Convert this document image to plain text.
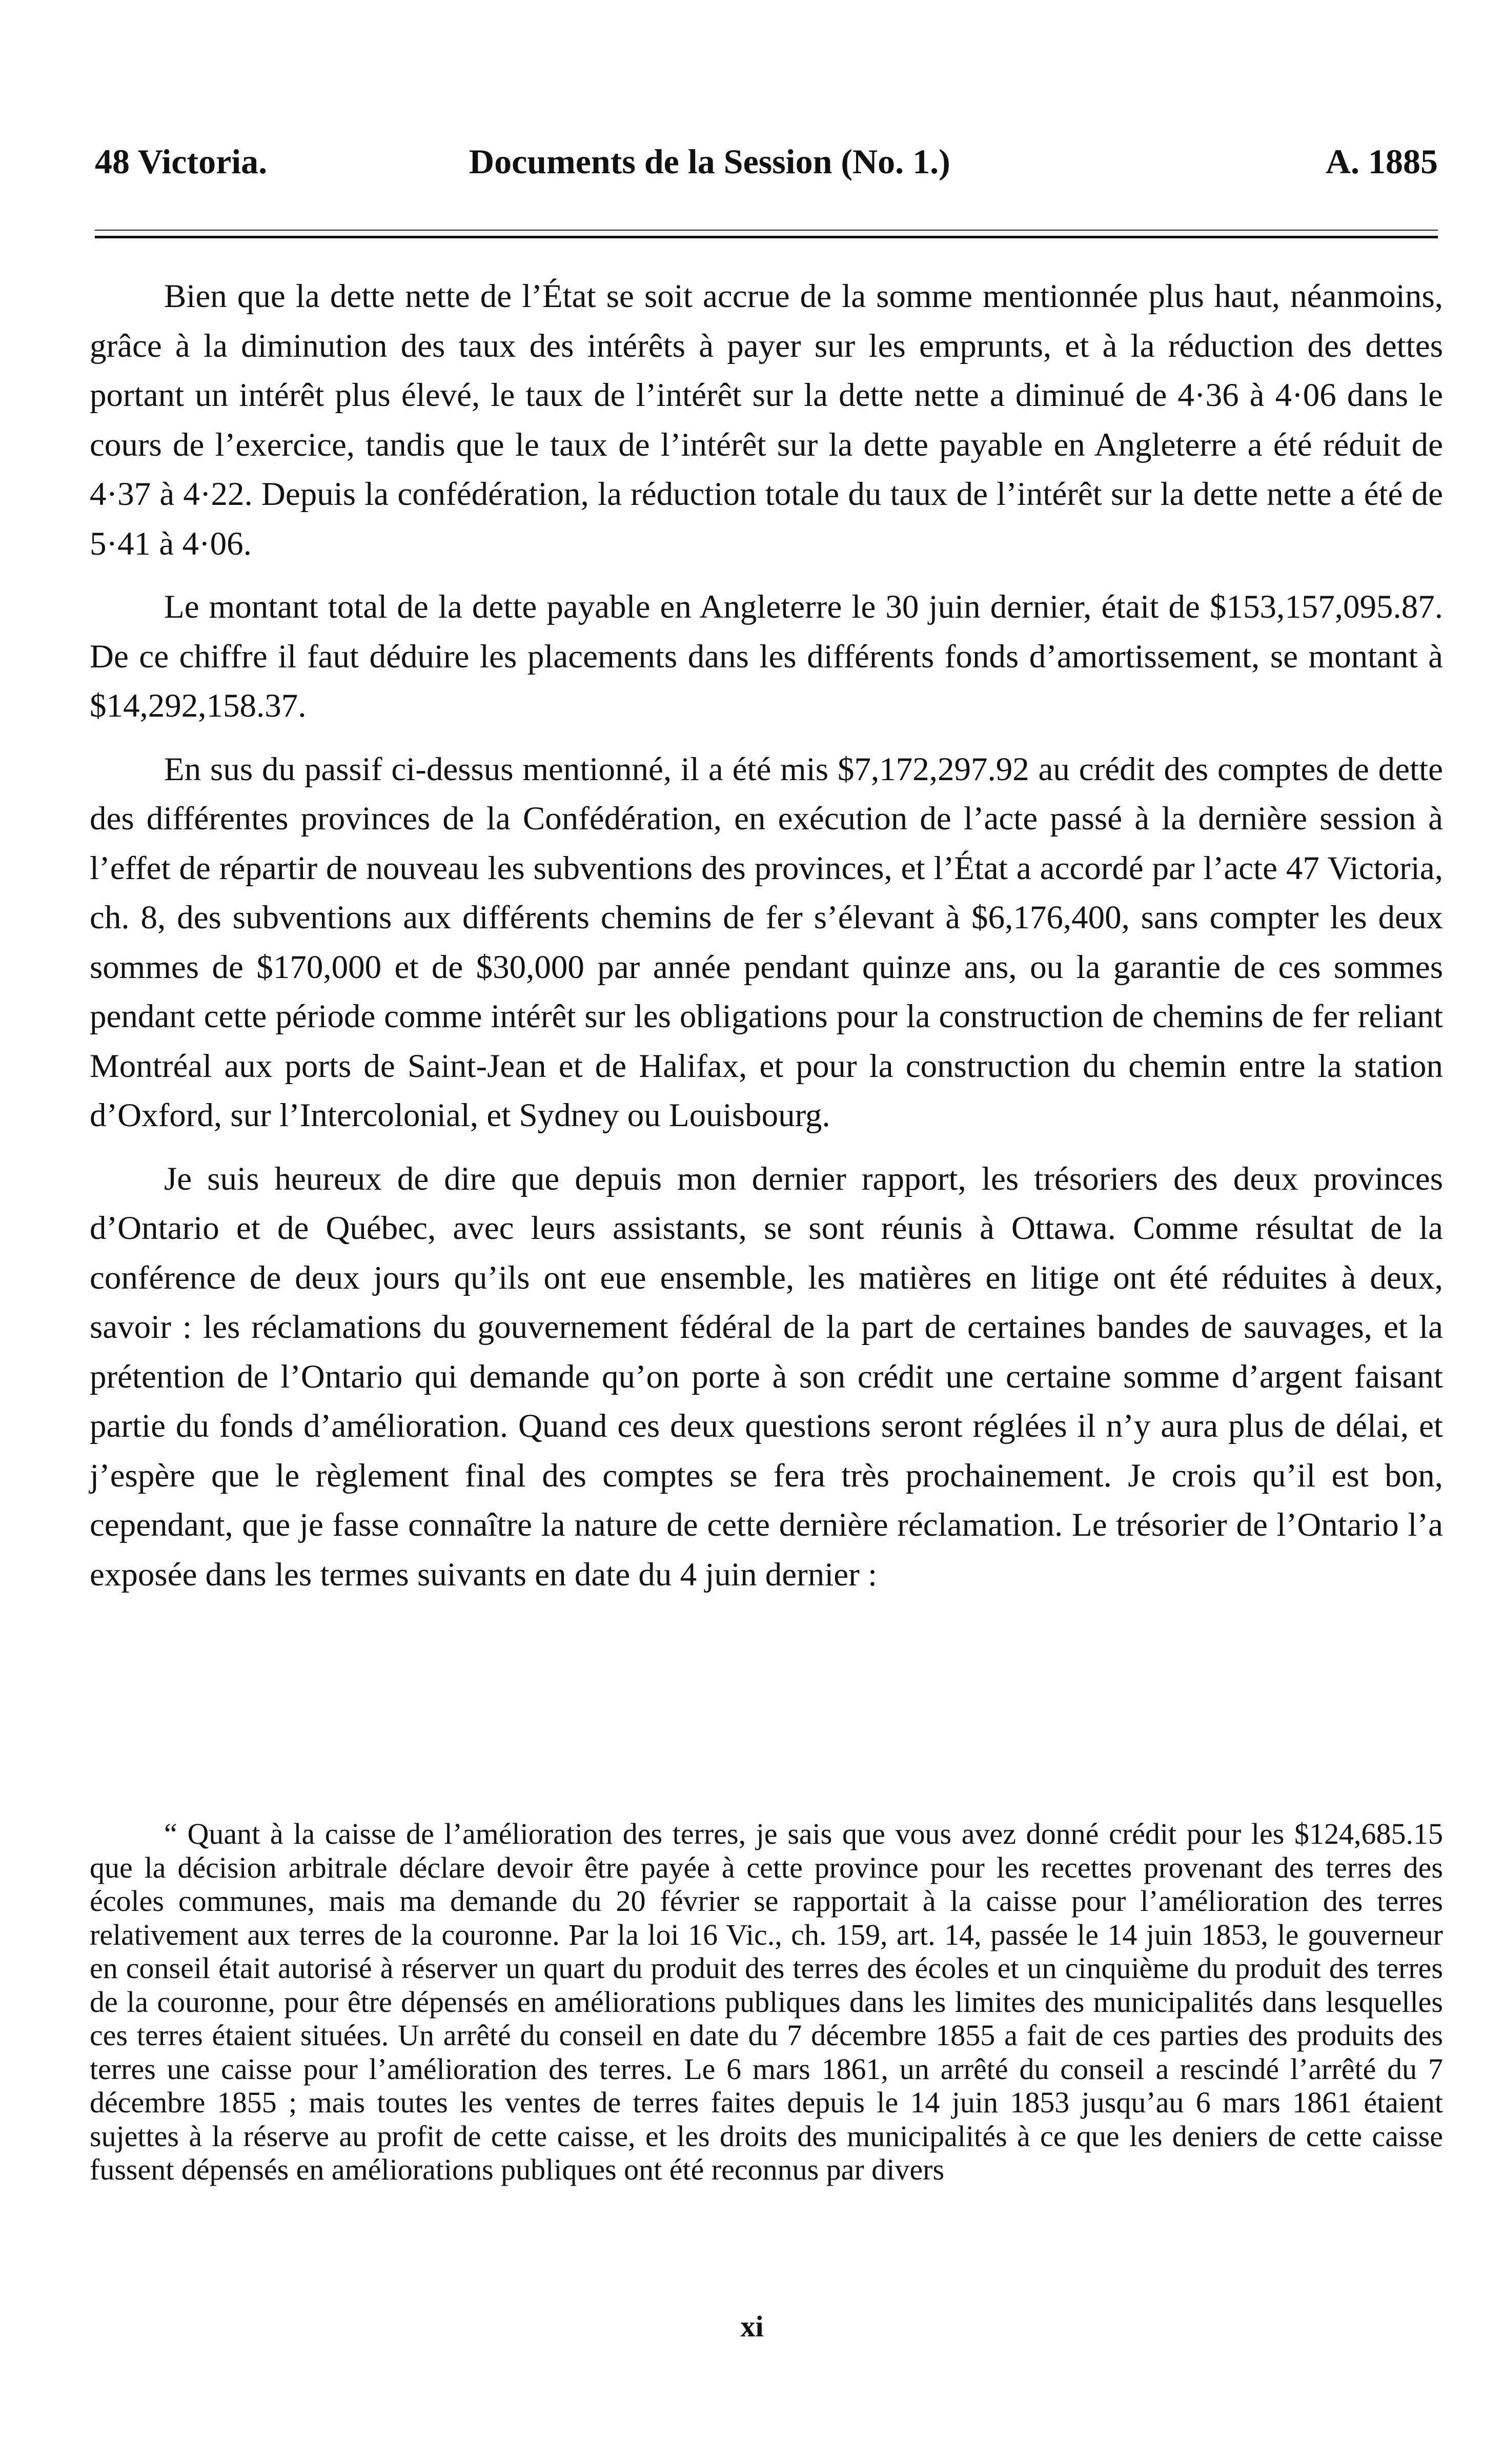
48 Victoria.	Documents de la Session (No. 1.)	A. 1885

Bien que la dette nette de l’État se soit accrue de la somme mentionnée plus haut, néanmoins, grâce à la diminution des taux des intérêts à payer sur les emprunts, et à la réduction des dettes portant un intérêt plus élevé, le taux de l’intérêt sur la dette nette a diminué de 4·36 à 4·06 dans le cours de l’exercice, tandis que le taux de l’intérêt sur la dette payable en Angleterre a été réduit de 4·37 à 4·22. Depuis la confédération, la réduction totale du taux de l’intérêt sur la dette nette a été de 5·41 à 4·06.

Le montant total de la dette payable en Angleterre le 30 juin dernier, était de $153,157,095.87. De ce chiffre il faut déduire les placements dans les différents fonds d’amortissement, se montant à $14,292,158.37.

En sus du passif ci-dessus mentionné, il a été mis $7,172,297.92 au crédit des comptes de dette des différentes provinces de la Confédération, en exécution de l’acte passé à la dernière session à l’effet de répartir de nouveau les subventions des provinces, et l’État a accordé par l’acte 47 Victoria, ch. 8, des subventions aux différents chemins de fer s’élevant à $6,176,400, sans compter les deux sommes de $170,000 et de $30,000 par année pendant quinze ans, ou la garantie de ces sommes pendant cette période comme intérêt sur les obligations pour la construction de chemins de fer reliant Montréal aux ports de Saint-Jean et de Halifax, et pour la construction du chemin entre la station d’Oxford, sur l’Intercolonial, et Sydney ou Louisbourg.

Je suis heureux de dire que depuis mon dernier rapport, les trésoriers des deux provinces d’Ontario et de Québec, avec leurs assistants, se sont réunis à Ottawa. Comme résultat de la conférence de deux jours qu’ils ont eue ensemble, les matières en litige ont été réduites à deux, savoir : les réclamations du gouvernement fédéral de la part de certaines bandes de sauvages, et la prétention de l’Ontario qui demande qu’on porte à son crédit une certaine somme d’argent faisant partie du fonds d’amélioration. Quand ces deux questions seront réglées il n’y aura plus de délai, et j’espère que le règlement final des comptes se fera très prochainement. Je crois qu’il est bon, cependant, que je fasse connaître la nature de cette dernière réclamation. Le trésorier de l’Ontario l’a exposée dans les termes suivants en date du 4 juin dernier :

“ Quant à la caisse de l’amélioration des terres, je sais que vous avez donné crédit pour les $124,685.15 que la décision arbitrale déclare devoir être payée à cette province pour les recettes provenant des terres des écoles communes, mais ma demande du 20 février se rapportait à la caisse pour l’amélioration des terres relativement aux terres de la couronne. Par la loi 16 Vic., ch. 159, art. 14, passée le 14 juin 1853, le gouverneur en conseil était autorisé à réserver un quart du produit des terres des écoles et un cinquième du produit des terres de la couronne, pour être dépensés en améliorations publiques dans les limites des municipalités dans lesquelles ces terres étaient situées. Un arrêté du conseil en date du 7 décembre 1855 a fait de ces parties des produits des terres une caisse pour l’amélioration des terres. Le 6 mars 1861, un arrêté du conseil a rescindé l’arrêté du 7 décembre 1855 ; mais toutes les ventes de terres faites depuis le 14 juin 1853 jusqu’au 6 mars 1861 étaient sujettes à la réserve au profit de cette caisse, et les droits des municipalités à ce que les deniers de cette caisse fussent dépensés en améliorations publiques ont été reconnus par divers

xi
